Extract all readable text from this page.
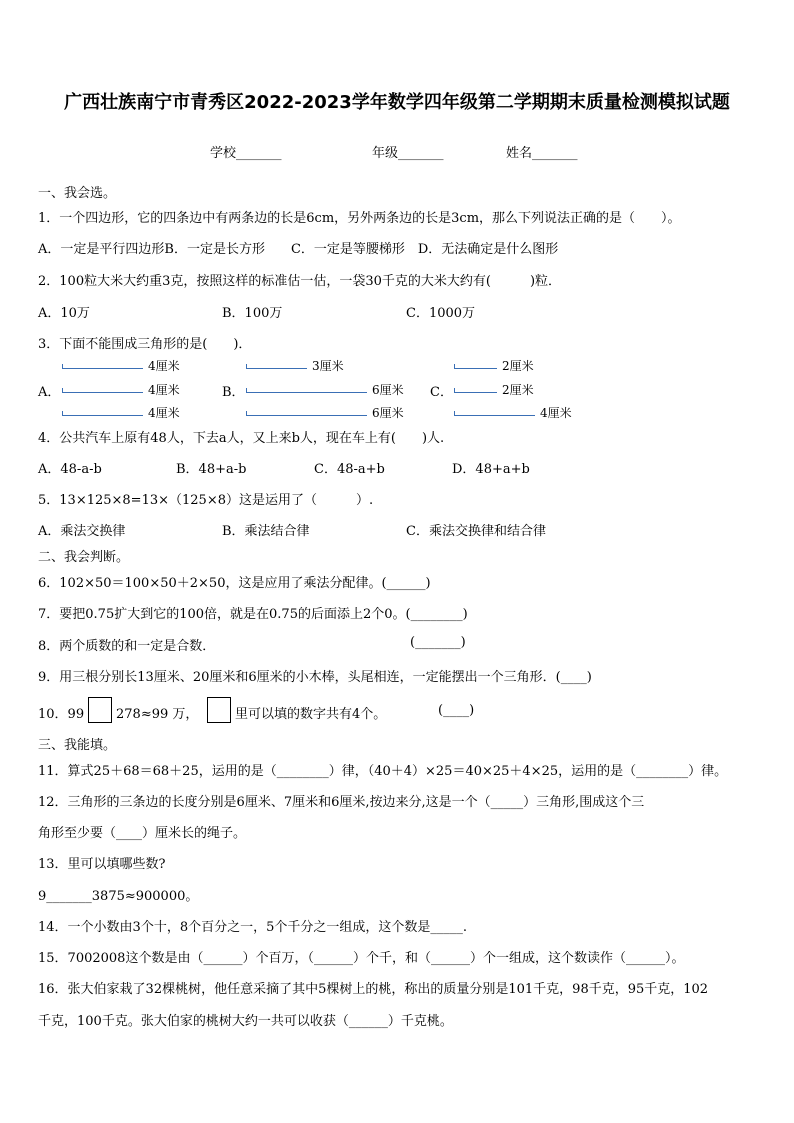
广西壮族南宁市青秀区2022-2023学年数学四年级第二学期期末质量检测模拟试题
学校_______	年级_______	姓名_______
一、我会选。
1．一个四边形，它的四条边中有两条边的长是6cm，另外两条边的长是3cm，那么下列说法正确的是（　　）。
A．一定是平行四边形B．一定是长方形　　C．一定是等腰梯形　D．无法确定是什么图形
2．100粒大米大约重3克，按照这样的标准估一估，一袋30千克的大米大约有(　　　)粒．
A．10万	B．100万	C．1000万
3．下面不能围成三角形的是(　　)．
A．
4厘米
4厘米
4厘米
B．
3厘米
6厘米
6厘米
C．
2厘米
2厘米
4厘米
4．公共汽车上原有48人，下去a人，又上来b人，现在车上有(　　)人.
A．48-a-b	B．48+a-b	C．48-a+b	D．48+a+b
5．13×125×8=13×（125×8）这是运用了（　　　）.
A．乘法交换律	B．乘法结合律	C．乘法交换律和结合律
二、我会判断。
6．102×50＝100×50＋2×50，这是应用了乘法分配律。(______)
7．要把0.75扩大到它的100倍，就是在0.75的后面添上2个0。(________)
8．两个质数的和一定是合数．	(_______)
9．用三根分别长13厘米、20厘米和6厘米的小木棒，头尾相连，一定能摆出一个三角形．(____)
10．99 278≈99 万，	里可以填的数字共有4个。	(____)
三、我能填。
11．算式25＋68＝68＋25，运用的是（________）律，（40＋4）×25＝40×25＋4×25，运用的是（________）律。
12．三角形的三条边的长度分别是6厘米、7厘米和6厘米,按边来分,这是一个（_____）三角形,围成这个三
角形至少要（____）厘米长的绳子。
13．里可以填哪些数?
9_______3875≈900000。
14．一个小数由3个十，8个百分之一，5个千分之一组成，这个数是_____.
15．7002008这个数是由（______）个百万，（______）个千，和（______）个一组成，这个数读作（______）。
16．张大伯家栽了32棵桃树，他任意采摘了其中5棵树上的桃，称出的质量分别是101千克，98千克，95千克，102
千克，100千克。张大伯家的桃树大约一共可以收获（______）千克桃。
